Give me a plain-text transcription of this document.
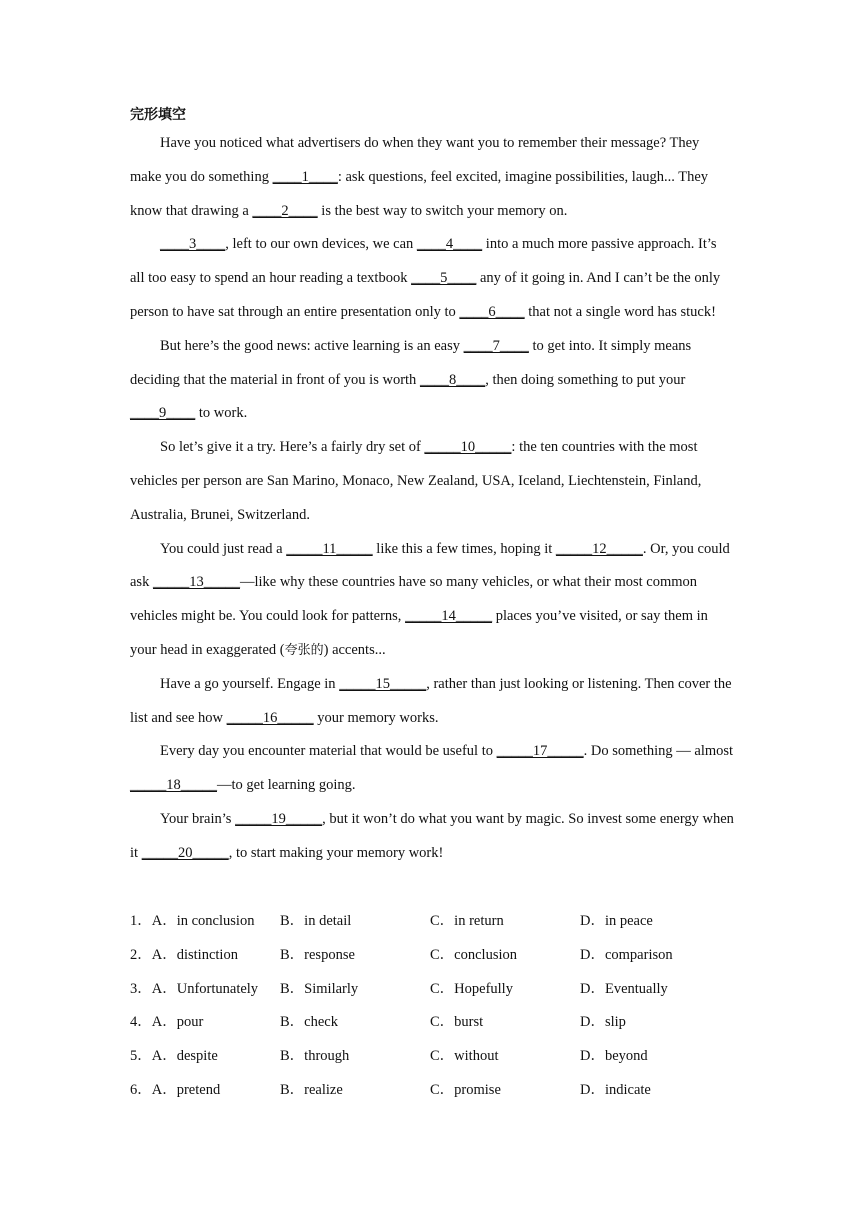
完形填空

Have you noticed what advertisers do when they want you to remember their message? They make you do something ____1____: ask questions, feel excited, imagine possibilities, laugh... They know that drawing a ____2____ is the best way to switch your memory on.

____3____, left to our own devices, we can ____4____ into a much more passive approach. It’s all too easy to spend an hour reading a textbook ____5____ any of it going in. And I can’t be the only person to have sat through an entire presentation only to ____6____ that not a single word has stuck!

But here’s the good news: active learning is an easy ____7____ to get into. It simply means deciding that the material in front of you is worth ____8____, then doing something to put your ____9____ to work.

So let’s give it a try. Here’s a fairly dry set of _____10_____: the ten countries with the most vehicles per person are San Marino, Monaco, New Zealand, USA, Iceland, Liechtenstein, Finland, Australia, Brunei, Switzerland.

You could just read a _____11_____ like this a few times, hoping it _____12_____. Or, you could ask _____13_____—like why these countries have so many vehicles, or what their most common vehicles might be. You could look for patterns, _____14_____ places you’ve visited, or say them in your head in exaggerated (夸张的) accents...

Have a go yourself. Engage in _____15_____, rather than just looking or listening. Then cover the list and see how _____16_____ your memory works.

Every day you encounter material that would be useful to _____17_____. Do something — almost _____18_____—to get learning going.

Your brain’s _____19_____, but it won’t do what you want by magic. So invest some energy when it _____20_____, to start making your memory work!

1．A．in conclusion B．in detail	C．in return	D．in peace
2．A．distinction	B．response	C．conclusion	D．comparison
3．A．Unfortunately B．Similarly	C．Hopefully	D．Eventually
4．A．pour	B．check	C．burst	D．slip
5．A．despite	B．through	C．without	D．beyond
6．A．pretend	B．realize	C．promise	D．indicate
